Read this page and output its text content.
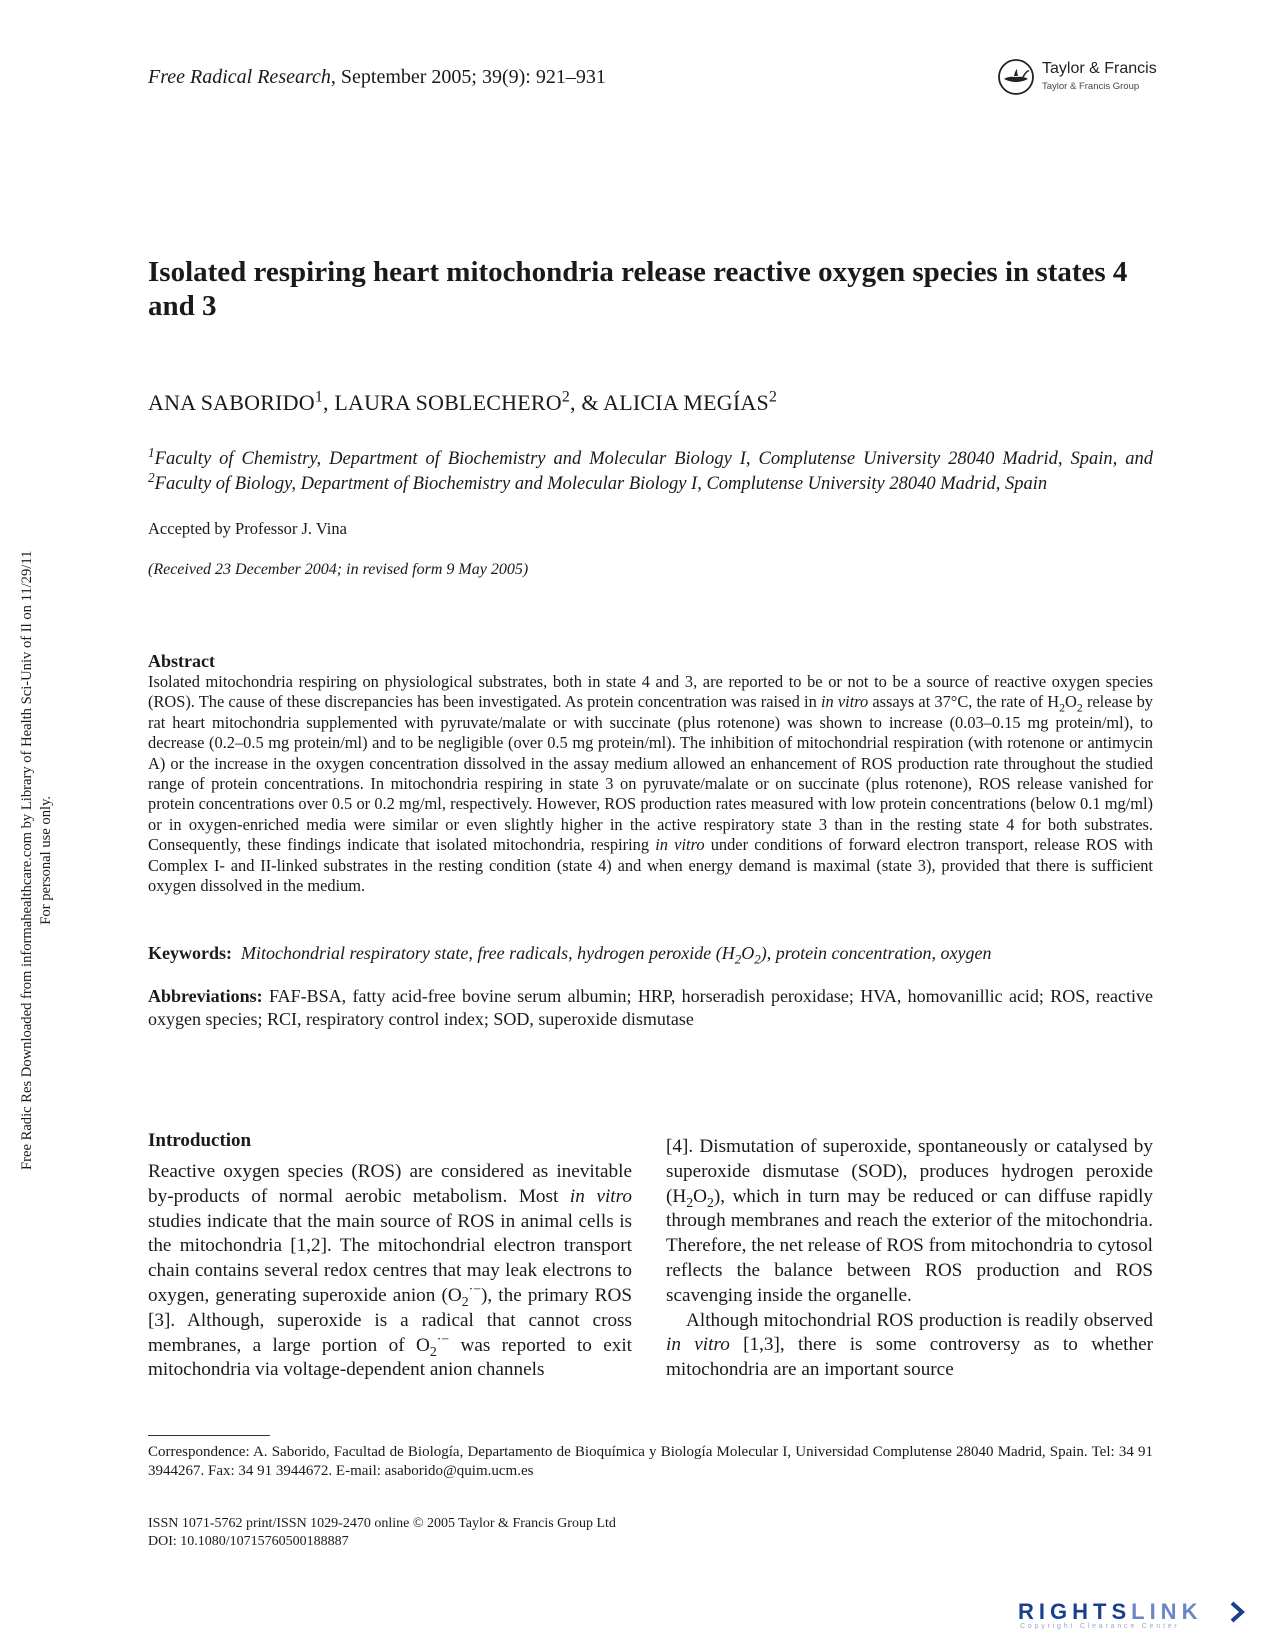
Free Radical Research, September 2005; 39(9): 921–931	Taylor & Francis
Taylor & Francis Group
Isolated respiring heart mitochondria release reactive oxygen species in states 4 and 3
ANA SABORIDO$^1$, LAURA SOBLECHERO$^2$, & ALICIA MEGÍAS$^2$
$^1$Faculty of Chemistry, Department of Biochemistry and Molecular Biology I, Complutense University 28040 Madrid, Spain, and $^2$Faculty of Biology, Department of Biochemistry and Molecular Biology I, Complutense University 28040 Madrid, Spain
Accepted by Professor J. Vina
(Received 23 December 2004; in revised form 9 May 2005)
Abstract
Isolated mitochondria respiring on physiological substrates, both in state 4 and 3, are reported to be or not to be a source of reactive oxygen species (ROS). The cause of these discrepancies has been investigated. As protein concentration was raised in in vitro assays at 37°C, the rate of $H_2O_2$ release by rat heart mitochondria supplemented with pyruvate/malate or with succinate (plus rotenone) was shown to increase (0.03–0.15 mg protein/ml), to decrease (0.2–0.5 mg protein/ml) and to be negligible (over 0.5 mg protein/ml). The inhibition of mitochondrial respiration (with rotenone or antimycin A) or the increase in the oxygen concentration dissolved in the assay medium allowed an enhancement of ROS production rate throughout the studied range of protein concentrations. In mitochondria respiring in state 3 on pyruvate/malate or on succinate (plus rotenone), ROS release vanished for protein concentrations over 0.5 or 0.2 mg/ml, respectively. However, ROS production rates measured with low protein concentrations (below 0.1 mg/ml) or in oxygen-enriched media were similar or even slightly higher in the active respiratory state 3 than in the resting state 4 for both substrates. Consequently, these findings indicate that isolated mitochondria, respiring in vitro under conditions of forward electron transport, release ROS with Complex I- and II-linked substrates in the resting condition (state 4) and when energy demand is maximal (state 3), provided that there is sufficient oxygen dissolved in the medium.
Keywords: Mitochondrial respiratory state, free radicals, hydrogen peroxide $(H_2O_2)$, protein concentration, oxygen
Abbreviations: FAF-BSA, fatty acid-free bovine serum albumin; HRP, horseradish peroxidase; HVA, homovanillic acid; ROS, reactive oxygen species; RCI, respiratory control index; SOD, superoxide dismutase
Introduction

Reactive oxygen species (ROS) are considered as inevitable by-products of normal aerobic metabolism. Most in vitro studies indicate that the main source of ROS in animal cells is the mitochondria [1,2]. The mitochondrial electron transport chain contains several redox centres that may leak electrons to oxygen, generating superoxide anion $(O_2^{\cdot-})$, the primary ROS [3]. Although, superoxide is a radical that cannot cross membranes, a large portion of $O_2^{\cdot-}$ was reported to exit mitochondria via voltage-dependent anion channels

[4]. Dismutation of superoxide, spontaneously or catalysed by superoxide dismutase (SOD), produces hydrogen peroxide $(H_2O_2)$, which in turn may be reduced or can diffuse rapidly through membranes and reach the exterior of the mitochondria. Therefore, the net release of ROS from mitochondria to cytosol reflects the balance between ROS production and ROS scavenging inside the organelle.

Although mitochondrial ROS production is readily observed in vitro [1,3], there is some controversy as to whether mitochondria are an important source

Correspondence: A. Saborido, Facultad de Biología, Departamento de Bioquímica y Biología Molecular I, Universidad Complutense 28040 Madrid, Spain. Tel: 34 91 3944267. Fax: 34 91 3944672. E-mail: asaborido@quim.ucm.es
ISSN 1071-5762 print/ISSN 1029-2470 online © 2005 Taylor & Francis Group Ltd
DOI: 10.1080/10715760500188887
Free Radic Res Downloaded from informahealthcare.com by Library of Health Sci-Univ of Il on 11/29/11 For personal use only.
RIGHTSLINK
Copyright Clearance Center
